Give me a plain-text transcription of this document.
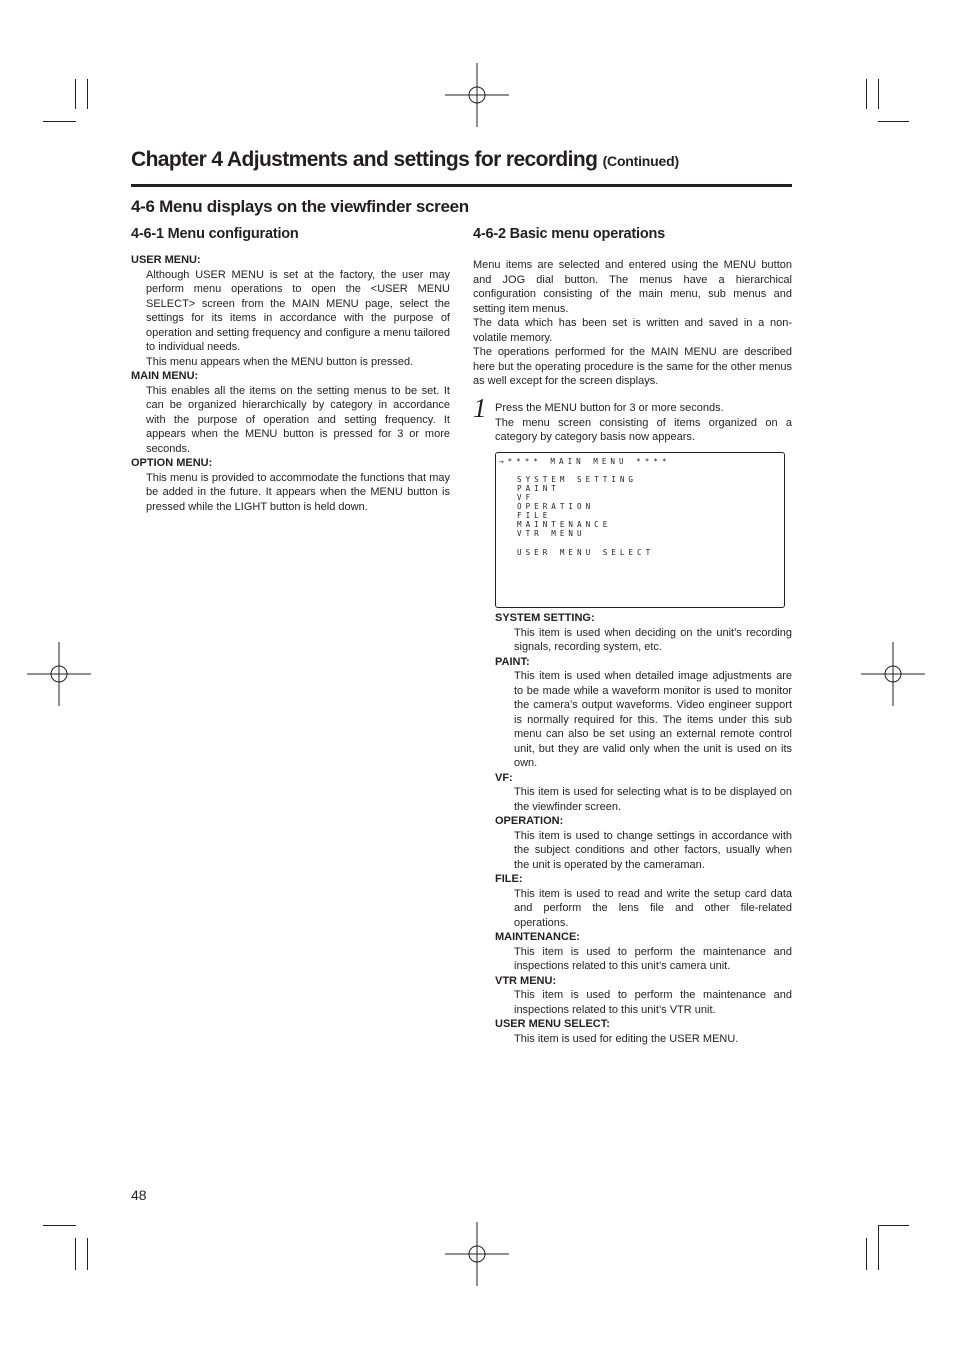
Chapter 4 Adjustments and settings for recording (Continued)
4-6 Menu displays on the viewfinder screen
4-6-1 Menu configuration	4-6-2 Basic menu operations

USER MENU:

Although USER MENU is set at the factory, the user may perform menu operations to open the <USER MENU SELECT> screen from the MAIN MENU page, select the settings for its items in accordance with the purpose of operation and setting frequency and configure a menu tailored to individual needs.

This menu appears when the MENU button is pressed.

MAIN MENU:

This enables all the items on the setting menus to be set. It can be organized hierarchically by category in accordance with the purpose of operation and setting frequency. It appears when the MENU button is pressed for 3 or more seconds.

OPTION MENU:

This menu is provided to accommodate the functions that may be added in the future. It appears when the MENU button is pressed while the LIGHT button is held down.

Menu items are selected and entered using the MENU button and JOG dial button. The menus have a hierarchical configuration consisting of the main menu, sub menus and setting item menus.

The data which has been set is written and saved in a non-volatile memory.

The operations performed for the MAIN MENU are described here but the operating procedure is the same for the other menus as well except for the screen displays.

1 Press the MENU button for 3 or more seconds.

The menu screen consisting of items organized on a category by category basis now appears.

→**** MAIN MENU ****

SYSTEM SETTING

PAINT

VF

OPERATION

FILE

MAINTENANCE

VTR MENU

USER MENU SELECT

SYSTEM SETTING:

This item is used when deciding on the unit’s recording signals, recording system, etc.

PAINT:

This item is used when detailed image adjustments are to be made while a waveform monitor is used to monitor the camera’s output waveforms. Video engineer support is normally required for this. The items under this sub menu can also be set using an external remote control unit, but they are valid only when the unit is used on its own.

VF:

This item is used for selecting what is to be displayed on the viewfinder screen.

OPERATION:

This item is used to change settings in accordance with the subject conditions and other factors, usually when the unit is operated by the cameraman.

FILE:

This item is used to read and write the setup card data and perform the lens file and other file-related operations.

MAINTENANCE:

This item is used to perform the maintenance and inspections related to this unit’s camera unit.

VTR MENU:

This item is used to perform the maintenance and inspections related to this unit’s VTR unit.

USER MENU SELECT:

This item is used for editing the USER MENU.

48
